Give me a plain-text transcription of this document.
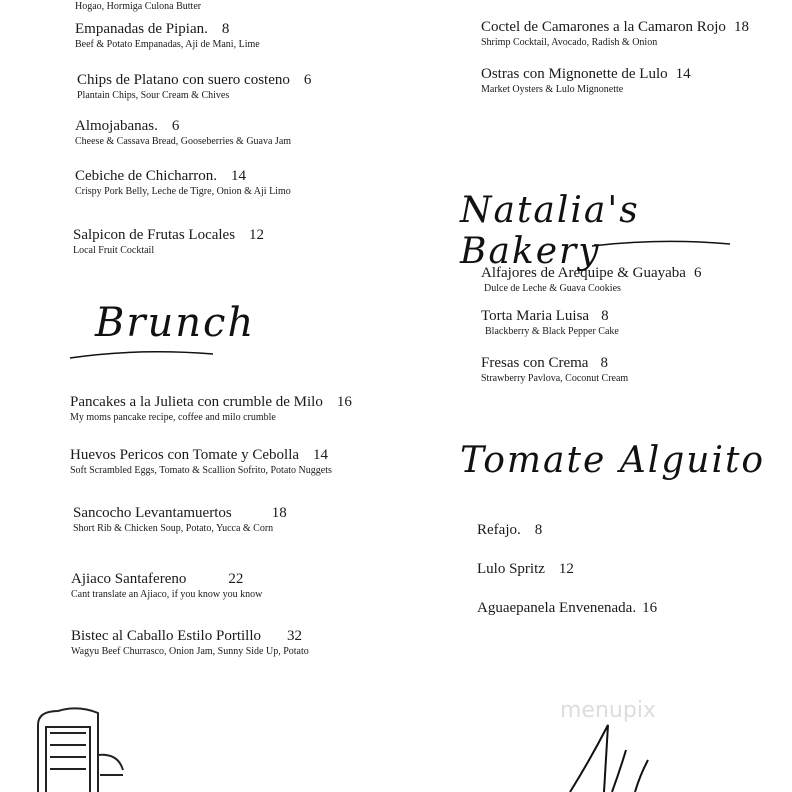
Hogao, Hormiga Culona Butter
Empanadas de Pipian. 8
Beef & Potato Empanadas, Aji de Mani, Lime
Chips de Platano con suero costeno 6
Plantain Chips, Sour Cream & Chives
Almojabanas. 6
Cheese & Cassava Bread, Gooseberries & Guava Jam
Cebiche de Chicharron. 14
Crispy Pork Belly, Leche de Tigre, Onion & Aji Limo
Salpicon de Frutas Locales 12
Local Fruit Cocktail
Brunch
Pancakes a la Julieta con crumble de Milo 16
My moms pancake recipe, coffee and milo crumble
Huevos Pericos con Tomate y Cebolla 14
Soft Scrambled Eggs, Tomato & Scallion Sofrito, Potato Nuggets
Sancocho Levantamuertos	18
Short Rib & Chicken Soup, Potato, Yucca & Corn
Ajiaco Santafereno	22
Cant translate an Ajiaco, if you know you know
Bistec al Caballo Estilo Portillo 32
Wagyu Beef Churrasco, Onion Jam, Sunny Side Up, Potato
Coctel de Camarones a la Camaron Rojo 18
Shrimp Cocktail, Avocado, Radish & Onion
Ostras con Mignonette de Lulo 14
Market Oysters & Lulo Mignonette
Natalia's Bakery
Alfajores de Arequipe & Guayaba 6
Dulce de Leche & Guava Cookies
Torta Maria Luisa 8
Blackberry & Black Pepper Cake
Fresas con Crema 8
Strawberry Pavlova, Coconut Cream
Tomate Alguito
Refajo. 8
Lulo Spritz 12
Aguaepanela Envenenada. 16
menupix
